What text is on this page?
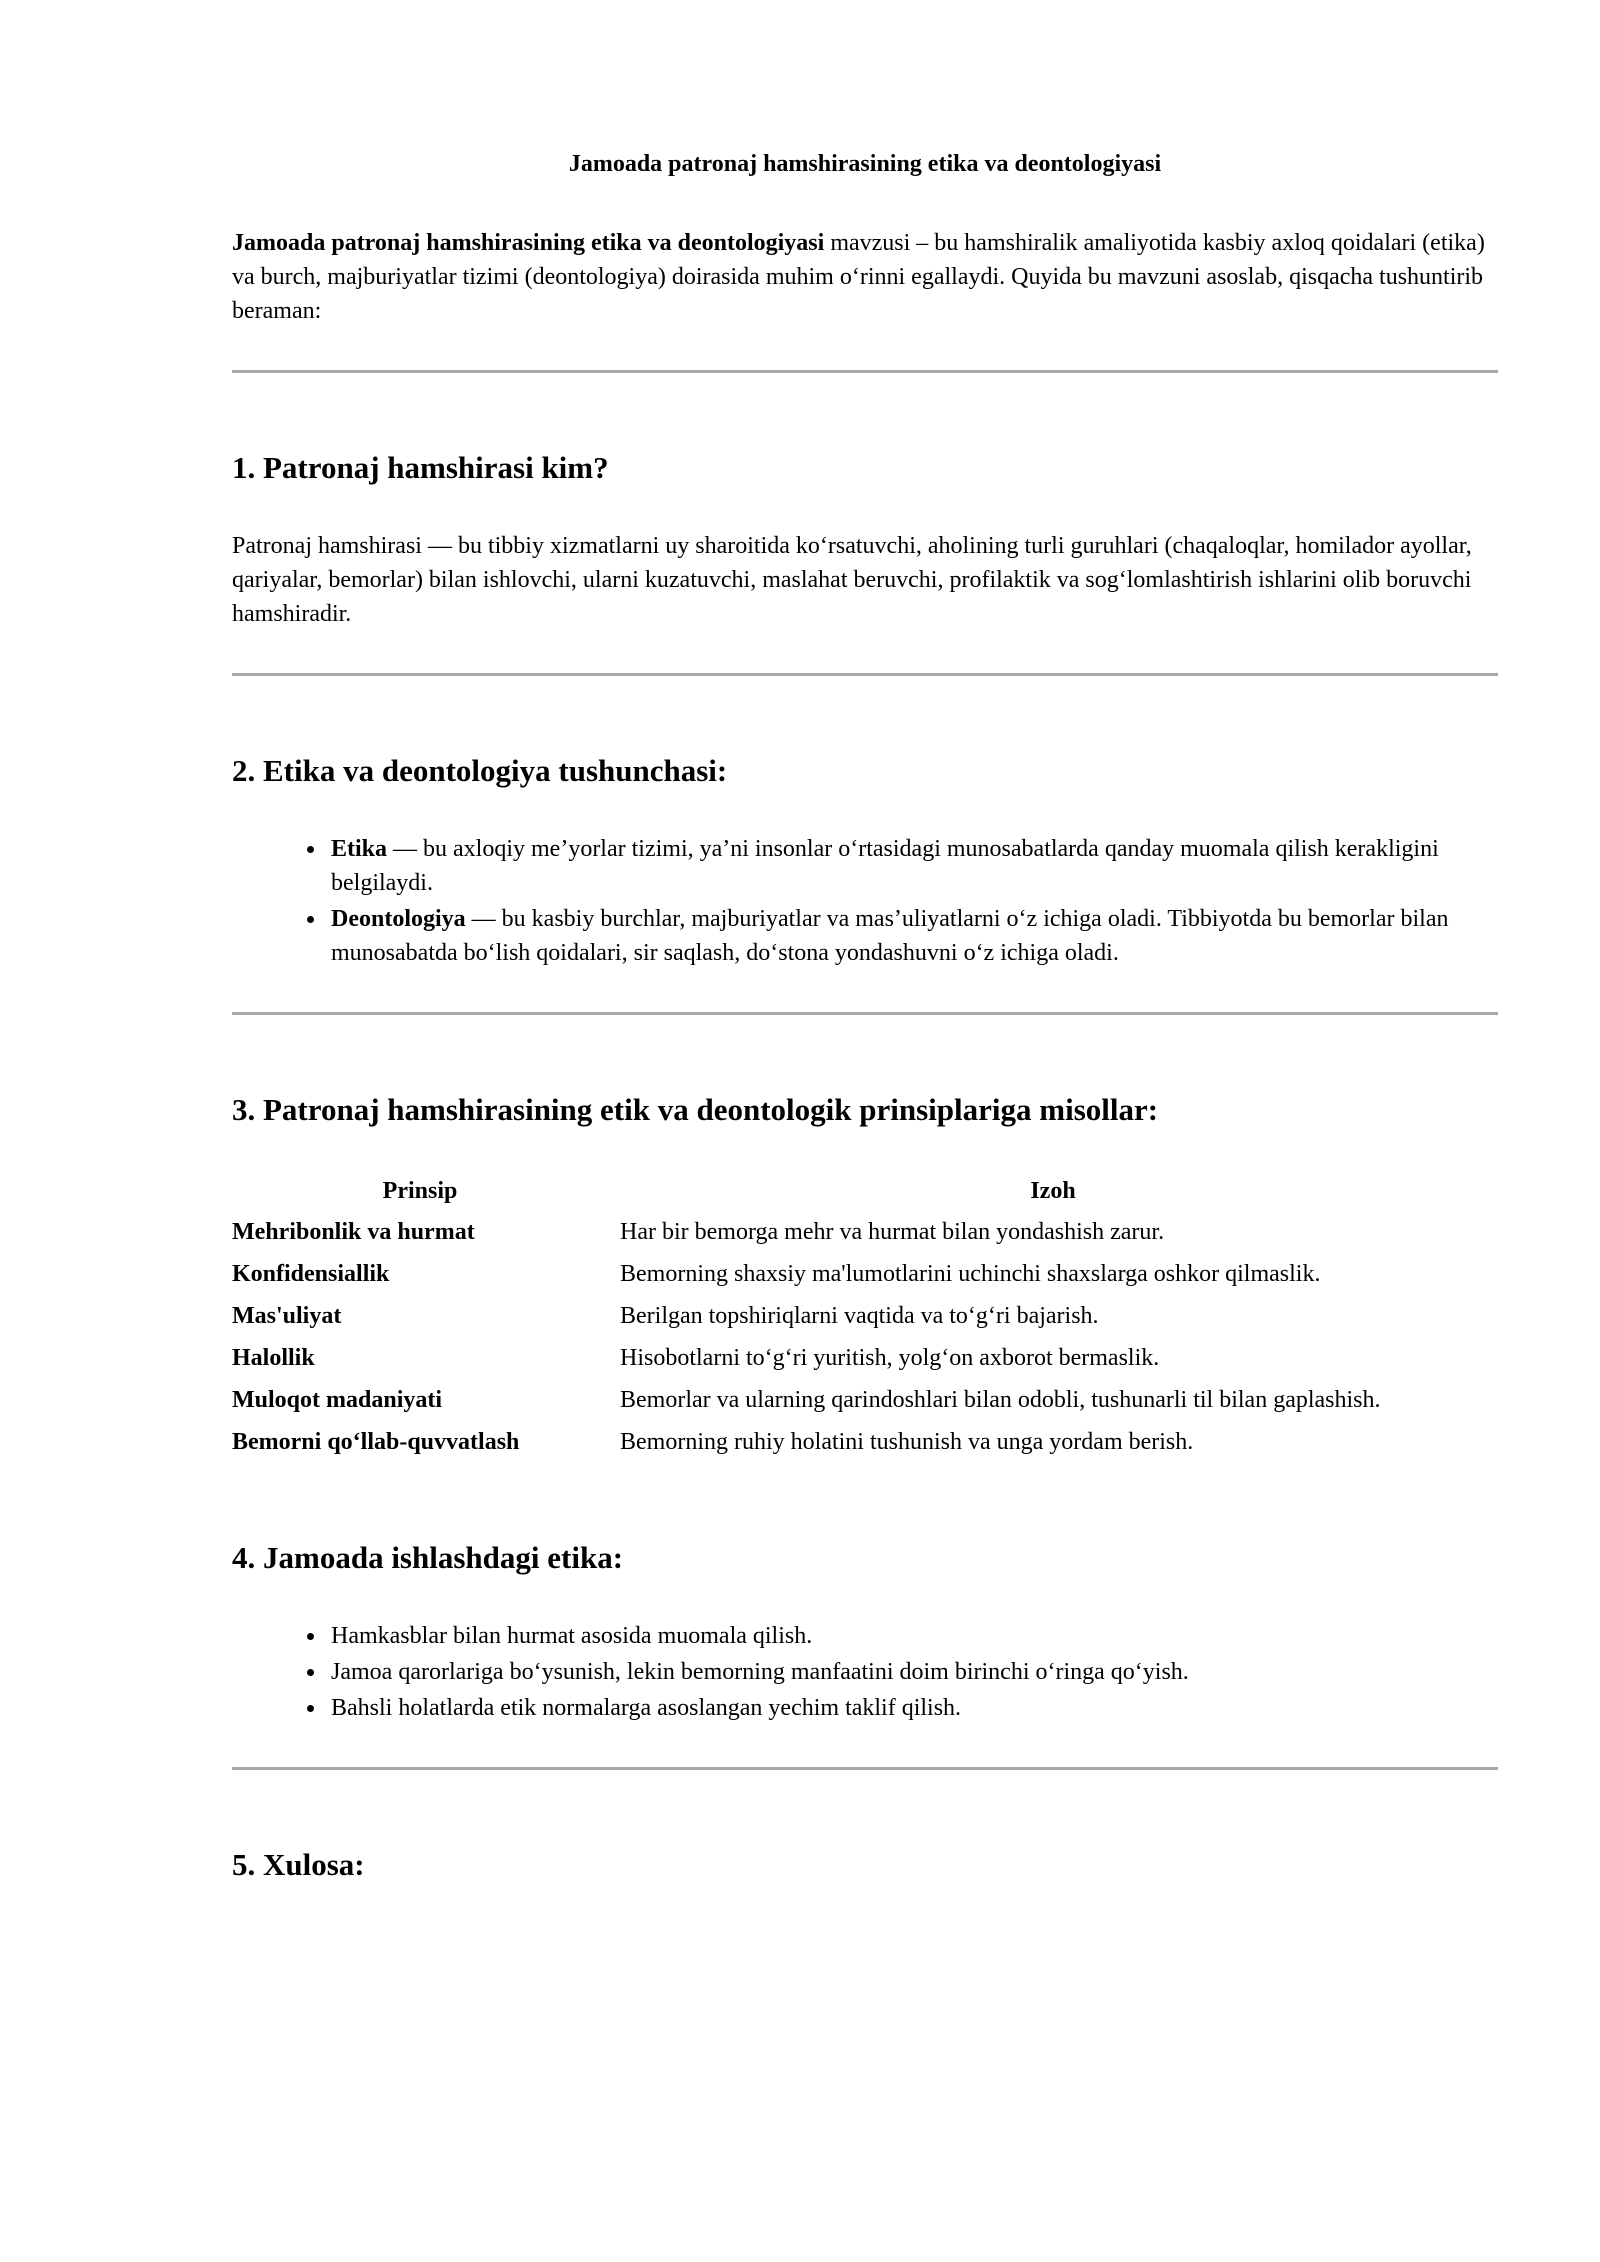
Jamoada patronaj hamshirasining etika va deontologiyasi

Jamoada patronaj hamshirasining etika va deontologiyasi mavzusi – bu hamshiralik amaliyotida kasbiy axloq qoidalari (etika) va burch, majburiyatlar tizimi (deontologiya) doirasida muhim o‘rinni egallaydi. Quyida bu mavzuni asoslab, qisqacha tushuntirib beraman:

1. Patronaj hamshirasi kim?

Patronaj hamshirasi — bu tibbiy xizmatlarni uy sharoitida ko‘rsatuvchi, aholining turli guruhlari (chaqaloqlar, homilador ayollar, qariyalar, bemorlar) bilan ishlovchi, ularni kuzatuvchi, maslahat beruvchi, profilaktik va sog‘lomlashtirish ishlarini olib boruvchi hamshiradir.

2. Etika va deontologiya tushunchasi:
• Etika — bu axloqiy me’yorlar tizimi, ya’ni insonlar o‘rtasidagi munosabatlarda qanday muomala qilish kerakligini belgilaydi.
• Deontologiya — bu kasbiy burchlar, majburiyatlar va mas’uliyatlarni o‘z ichiga oladi. Tibbiyotda bu bemorlar bilan munosabatda bo‘lish qoidalari, sir saqlash, do‘stona yondashuvni o‘z ichiga oladi.
3. Patronaj hamshirasining etik va deontologik prinsiplariga misollar:
Prinsip	Izoh
Mehribonlik va hurmat	Har bir bemorga mehr va hurmat bilan yondashish zarur.
Konfidensiallik	Bemorning shaxsiy ma'lumotlarini uchinchi shaxslarga oshkor qilmaslik.
Mas'uliyat	Berilgan topshiriqlarni vaqtida va to‘g‘ri bajarish.
Halollik	Hisobotlarni to‘g‘ri yuritish, yolg‘on axborot bermaslik.
Muloqot madaniyati	Bemorlar va ularning qarindoshlari bilan odobli, tushunarli til bilan gaplashish.
Bemorni qo‘llab-quvvatlash	Bemorning ruhiy holatini tushunish va unga yordam berish.
4. Jamoada ishlashdagi etika:
• Hamkasblar bilan hurmat asosida muomala qilish.
• Jamoa qarorlariga bo‘ysunish, lekin bemorning manfaatini doim birinchi o‘ringa qo‘yish.
• Bahsli holatlarda etik normalarga asoslangan yechim taklif qilish.
5. Xulosa:
